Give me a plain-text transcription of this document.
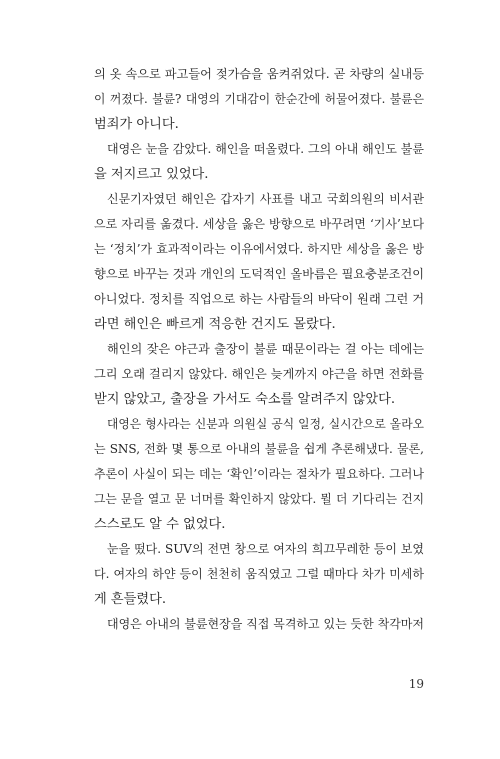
의 옷 속으로 파고들어 젖가슴을 움켜쥐었다. 곧 차량의 실내등
이 꺼졌다. 불륜? 대영의 기대감이 한순간에 허물어졌다. 불륜은
범죄가 아니다.
대영은 눈을 감았다. 해인을 떠올렸다. 그의 아내 해인도 불륜
을 저지르고 있었다.
신문기자였던 해인은 갑자기 사표를 내고 국회의원의 비서관
으로 자리를 옮겼다. 세상을 옳은 방향으로 바꾸려면 ‘기사’보다
는 ‘정치’가 효과적이라는 이유에서였다. 하지만 세상을 옳은 방
향으로 바꾸는 것과 개인의 도덕적인 올바름은 필요충분조건이
아니었다. 정치를 직업으로 하는 사람들의 바닥이 원래 그런 거
라면 해인은 빠르게 적응한 건지도 몰랐다.
해인의 잦은 야근과 출장이 불륜 때문이라는 걸 아는 데에는
그리 오래 걸리지 않았다. 해인은 늦게까지 야근을 하면 전화를
받지 않았고, 출장을 가서도 숙소를 알려주지 않았다.
대영은 형사라는 신분과 의원실 공식 일정, 실시간으로 올라오
는 SNS, 전화 몇 통으로 아내의 불륜을 쉽게 추론해냈다. 물론,
추론이 사실이 되는 데는 ‘확인’이라는 절차가 필요하다. 그러나
그는 문을 열고 문 너머를 확인하지 않았다. 뭘 더 기다리는 건지
스스로도 알 수 없었다.
눈을 떴다. SUV의 전면 창으로 여자의 희끄무레한 등이 보였
다. 여자의 하얀 등이 천천히 움직였고 그럴 때마다 차가 미세하
게 흔들렸다.
대영은 아내의 불륜현장을 직접 목격하고 있는 듯한 착각마저
19
